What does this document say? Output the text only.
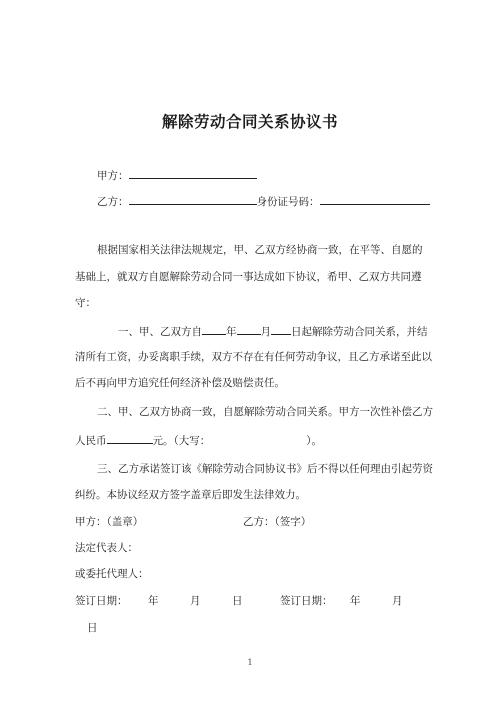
解除劳动合同关系协议书
甲方：
乙方：	身份证号码：
根据国家相关法律法规规定，甲、乙双方经协商一致，在平等、自愿的
基础上，就双方自愿解除劳动合同一事达成如下协议，希甲、乙双方共同遵
守：
一、甲、乙双方自 年 月 日起解除劳动合同关系，并结
清所有工资，办妥离职手续，双方不存在有任何劳动争议，且乙方承诺至此以
后不再向甲方追究任何经济补偿及赔偿责任。
二、甲、乙双方协商一致，自愿解除劳动合同关系。甲方一次性补偿乙方
人民币	元。（大写：	）。
三、乙方承诺签订该《解除劳动合同协议书》后不得以任何理由引起劳资
纠纷。本协议经双方签字盖章后即发生法律效力。
甲方：（盖章）	乙方：（签字）
法定代表人：
或委托代理人：
签订日期： 年	月	日	签订日期： 年	月
日
1
